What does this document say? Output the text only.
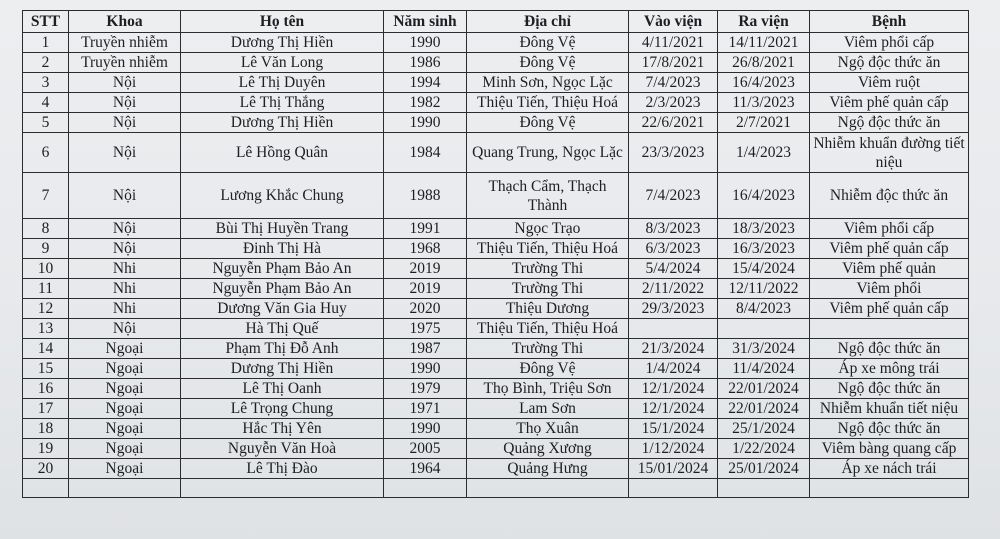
STT	Khoa	Họ tên	Năm sinh	Địa chỉ	Vào viện	Ra viện	Bệnh
1	Truyền nhiễm	Dương Thị Hiền	1990	Đông Vệ	4/11/2021	14/11/2021	Viêm phổi cấp
2	Truyền nhiễm	Lê Văn Long	1986	Đông Vệ	17/8/2021	26/8/2021	Ngộ độc thức ăn
3	Nội	Lê Thị Duyên	1994	Minh Sơn, Ngọc Lặc	7/4/2023	16/4/2023	Viêm ruột
4	Nội	Lê Thị Thắng	1982	Thiệu Tiến, Thiệu Hoá	2/3/2023	11/3/2023	Viêm phế quản cấp
5	Nội	Dương Thị Hiền	1990	Đông Vệ	22/6/2021	2/7/2021	Ngộ độc thức ăn
6	Nội	Lê Hồng Quân	1984	Quang Trung, Ngọc Lặc	23/3/2023	1/4/2023	Nhiễm khuẩn đường tiết niệu
7	Nội	Lương Khắc Chung	1988	Thạch Cẩm, Thạch Thành	7/4/2023	16/4/2023	Nhiễm độc thức ăn
8	Nội	Bùi Thị Huyền Trang	1991	Ngọc Trạo	8/3/2023	18/3/2023	Viêm phổi cấp
9	Nội	Đinh Thị Hà	1968	Thiệu Tiến, Thiệu Hoá	6/3/2023	16/3/2023	Viêm phế quản cấp
10	Nhi	Nguyễn Phạm Bảo An	2019	Trường Thi	5/4/2024	15/4/2024	Viêm phế quản
11	Nhi	Nguyễn Phạm Bảo An	2019	Trường Thi	2/11/2022	12/11/2022	Viêm phổi
12	Nhi	Dương Văn Gia Huy	2020	Thiệu Dương	29/3/2023	8/4/2023	Viêm phế quản cấp
13	Nội	Hà Thị Quế	1975	Thiệu Tiến, Thiệu Hoá			
14	Ngoại	Phạm Thị Đỗ Anh	1987	Trường Thi	21/3/2024	31/3/2024	Ngộ độc thức ăn
15	Ngoại	Dương Thị Hiền	1990	Đông Vệ	1/4/2024	11/4/2024	Áp xe mông trái
16	Ngoại	Lê Thị Oanh	1979	Thọ Bình, Triệu Sơn	12/1/2024	22/01/2024	Ngộ độc thức ăn
17	Ngoại	Lê Trọng Chung	1971	Lam Sơn	12/1/2024	22/01/2024	Nhiễm khuẩn tiết niệu
18	Ngoại	Hắc Thị Yên	1990	Thọ Xuân	15/1/2024	25/1/2024	Ngộ độc thức ăn
19	Ngoại	Nguyễn Văn Hoà	2005	Quảng Xương	1/12/2024	1/22/2024	Viêm bàng quang cấp
20	Ngoại	Lê Thị Đào	1964	Quảng Hưng	15/01/2024	25/01/2024	Áp xe nách trái
